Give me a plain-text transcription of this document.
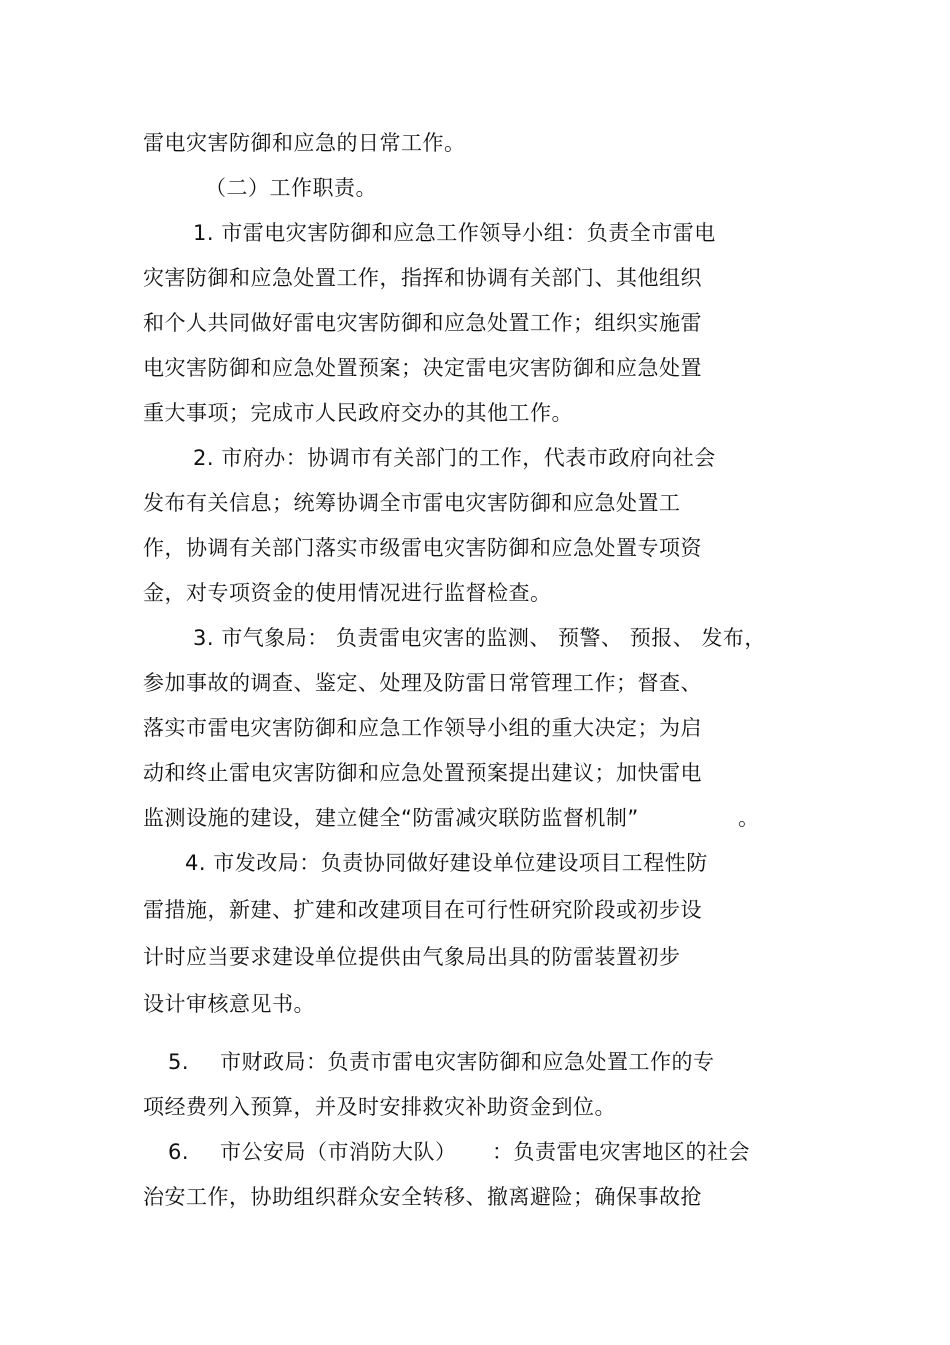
雷电灾害防御和应急的日常工作。
（二）工作职责。
1. 市雷电灾害防御和应急工作领导小组：负责全市雷电
灾害防御和应急处置工作，指挥和协调有关部门、其他组织
和个人共同做好雷电灾害防御和应急处置工作；组织实施雷
电灾害防御和应急处置预案；决定雷电灾害防御和应急处置
重大事项；完成市人民政府交办的其他工作。
2. 市府办：协调市有关部门的工作，代表市政府向社会
发布有关信息；统筹协调全市雷电灾害防御和应急处置工
作，协调有关部门落实市级雷电灾害防御和应急处置专项资
金，对专项资金的使用情况进行监督检查。
3. 市气象局： 负责雷电灾害的监测、 预警、 预报、 发布，
参加事故的调查、鉴定、处理及防雷日常管理工作；督查、
落实市雷电灾害防御和应急工作领导小组的重大决定；为启
动和终止雷电灾害防御和应急处置预案提出建议；加快雷电
监测设施的建设，建立健全“防雷减灾联防监督机制”	。
4. 市发改局：负责协同做好建设单位建设项目工程性防
雷措施，新建、扩建和改建项目在可行性研究阶段或初步设
计时应当要求建设单位提供由气象局出具的防雷装置初步
设计审核意见书。
5. 市财政局：负责市雷电灾害防御和应急处置工作的专
项经费列入预算，并及时安排救灾补助资金到位。
6. 市公安局（市消防大队） ：负责雷电灾害地区的社会
治安工作，协助组织群众安全转移、撤离避险；确保事故抢
